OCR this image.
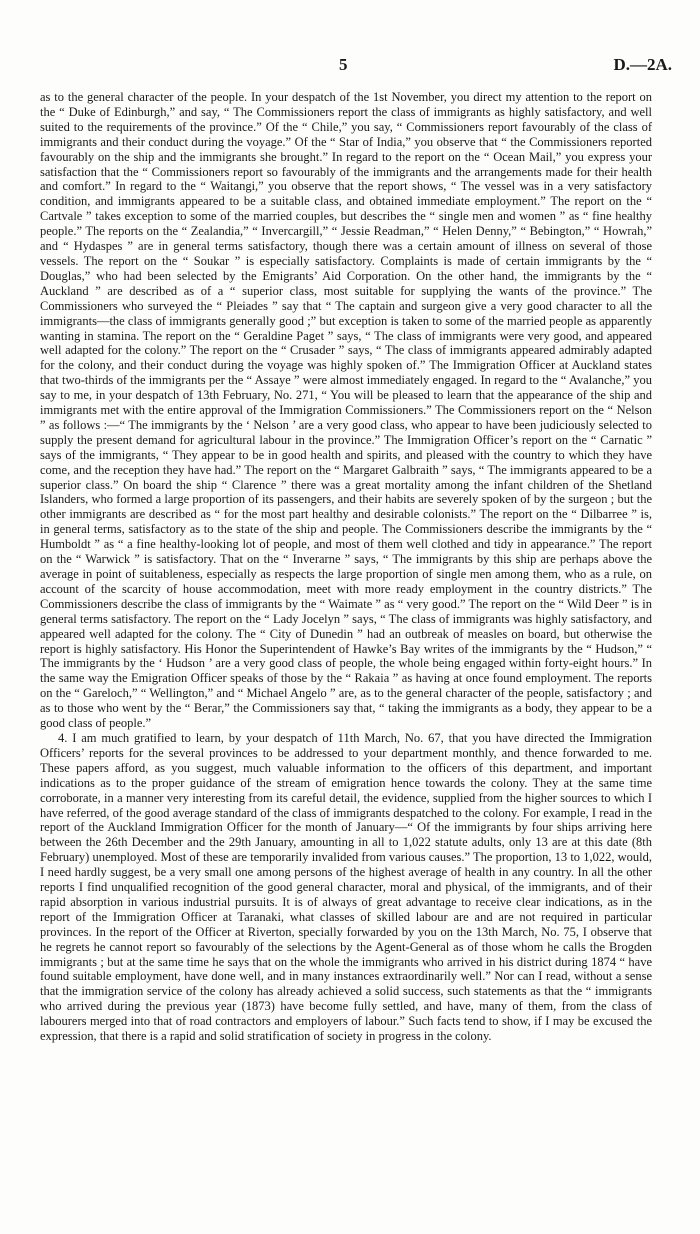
5	D.—2A.

as to the general character of the people. In your despatch of the 1st November, you direct my attention to the report on the “ Duke of Edinburgh,” and say, “ The Commissioners report the class of immigrants as highly satisfactory, and well suited to the requirements of the province.” Of the “ Chile,” you say, “ Commissioners report favourably of the class of immigrants and their conduct during the voyage.” Of the “ Star of India,” you observe that “ the Commissioners reported favourably on the ship and the immigrants she brought.” In regard to the report on the “ Ocean Mail,” you express your satisfaction that the “ Commissioners report so favourably of the immigrants and the arrangements made for their health and comfort.” In regard to the “ Waitangi,” you observe that the report shows, “ The vessel was in a very satisfactory condition, and immigrants appeared to be a suitable class, and obtained immediate employment.” The report on the “ Cartvale ” takes exception to some of the married couples, but describes the “ single men and women ” as “ fine healthy people.” The reports on the “ Zealandia,” “ Invercargill,” “ Jessie Readman,” “ Helen Denny,” “ Bebington,” “ Howrah,” and “ Hydaspes ” are in general terms satisfactory, though there was a certain amount of illness on several of those vessels. The report on the “ Soukar ” is especially satisfactory. Complaints is made of certain immigrants by the “ Douglas,” who had been selected by the Emigrants’ Aid Corporation. On the other hand, the immigrants by the “ Auckland ” are described as of a “ superior class, most suitable for supplying the wants of the province.” The Commissioners who surveyed the “ Pleiades ” say that “ The captain and surgeon give a very good character to all the immigrants—the class of immigrants generally good ;” but exception is taken to some of the married people as apparently wanting in stamina. The report on the “ Geraldine Paget ” says, “ The class of immigrants were very good, and appeared well adapted for the colony.” The report on the “ Crusader ” says, “ The class of immigrants appeared admirably adapted for the colony, and their conduct during the voyage was highly spoken of.” The Immigration Officer at Auckland states that two-thirds of the immigrants per the “ Assaye ” were almost immediately engaged. In regard to the “ Avalanche,” you say to me, in your despatch of 13th February, No. 271, “ You will be pleased to learn that the appearance of the ship and immigrants met with the entire approval of the Immigration Commissioners.” The Commissioners report on the “ Nelson ” as follows :—“ The immigrants by the ‘ Nelson ’ are a very good class, who appear to have been judiciously selected to supply the present demand for agricultural labour in the province.” The Immigration Officer’s report on the “ Carnatic ” says of the immigrants, “ They appear to be in good health and spirits, and pleased with the country to which they have come, and the reception they have had.” The report on the “ Margaret Galbraith ” says, “ The immigrants appeared to be a superior class.” On board the ship “ Clarence ” there was a great mortality among the infant children of the Shetland Islanders, who formed a large proportion of its passengers, and their habits are severely spoken of by the surgeon ; but the other immigrants are described as “ for the most part healthy and desirable colonists.” The report on the “ Dilbarree ” is, in general terms, satisfactory as to the state of the ship and people. The Commissioners describe the immigrants by the “ Humboldt ” as “ a fine healthy-looking lot of people, and most of them well clothed and tidy in appearance.” The report on the “ Warwick ” is satisfactory. That on the “ Inverarne ” says, “ The immigrants by this ship are perhaps above the average in point of suitableness, especially as respects the large proportion of single men among them, who as a rule, on account of the scarcity of house accommodation, meet with more ready employment in the country districts.” The Commissioners describe the class of immigrants by the “ Waimate ” as “ very good.” The report on the “ Wild Deer ” is in general terms satisfactory. The report on the “ Lady Jocelyn ” says, “ The class of immigrants was highly satisfactory, and appeared well adapted for the colony. The “ City of Dunedin ” had an outbreak of measles on board, but otherwise the report is highly satisfactory. His Honor the Superintendent of Hawke’s Bay writes of the immigrants by the “ Hudson,” “ The immigrants by the ‘ Hudson ’ are a very good class of people, the whole being engaged within forty-eight hours.” In the same way the Emigration Officer speaks of those by the “ Rakaia ” as having at once found employment. The reports on the “ Gareloch,” “ Wellington,” and “ Michael Angelo ” are, as to the general character of the people, satisfactory ; and as to those who went by the “ Berar,” the Commissioners say that, “ taking the immigrants as a body, they appear to be a good class of people.”

4. I am much gratified to learn, by your despatch of 11th March, No. 67, that you have directed the Immigration Officers’ reports for the several provinces to be addressed to your department monthly, and thence forwarded to me. These papers afford, as you suggest, much valuable information to the officers of this department, and important indications as to the proper guidance of the stream of emigration hence towards the colony. They at the same time corroborate, in a manner very interesting from its careful detail, the evidence, supplied from the higher sources to which I have referred, of the good average standard of the class of immigrants despatched to the colony. For example, I read in the report of the Auckland Immigration Officer for the month of January—“ Of the immigrants by four ships arriving here between the 26th December and the 29th January, amounting in all to 1,022 statute adults, only 13 are at this date (8th February) unemployed. Most of these are temporarily invalided from various causes.” The proportion, 13 to 1,022, would, I need hardly suggest, be a very small one among persons of the highest average of health in any country. In all the other reports I find unqualified recognition of the good general character, moral and physical, of the immigrants, and of their rapid absorption in various industrial pursuits. It is of always of great advantage to receive clear indications, as in the report of the Immigration Officer at Taranaki, what classes of skilled labour are and are not required in particular provinces. In the report of the Officer at Riverton, specially forwarded by you on the 13th March, No. 75, I observe that he regrets he cannot report so favourably of the selections by the Agent-General as of those whom he calls the Brogden immigrants ; but at the same time he says that on the whole the immigrants who arrived in his district during 1874 “ have found suitable employment, have done well, and in many instances extraordinarily well.” Nor can I read, without a sense that the immigration service of the colony has already achieved a solid success, such statements as that the “ immigrants who arrived during the previous year (1873) have become fully settled, and have, many of them, from the class of labourers merged into that of road contractors and employers of labour.” Such facts tend to show, if I may be excused the expression, that there is a rapid and solid stratification of society in progress in the colony.
